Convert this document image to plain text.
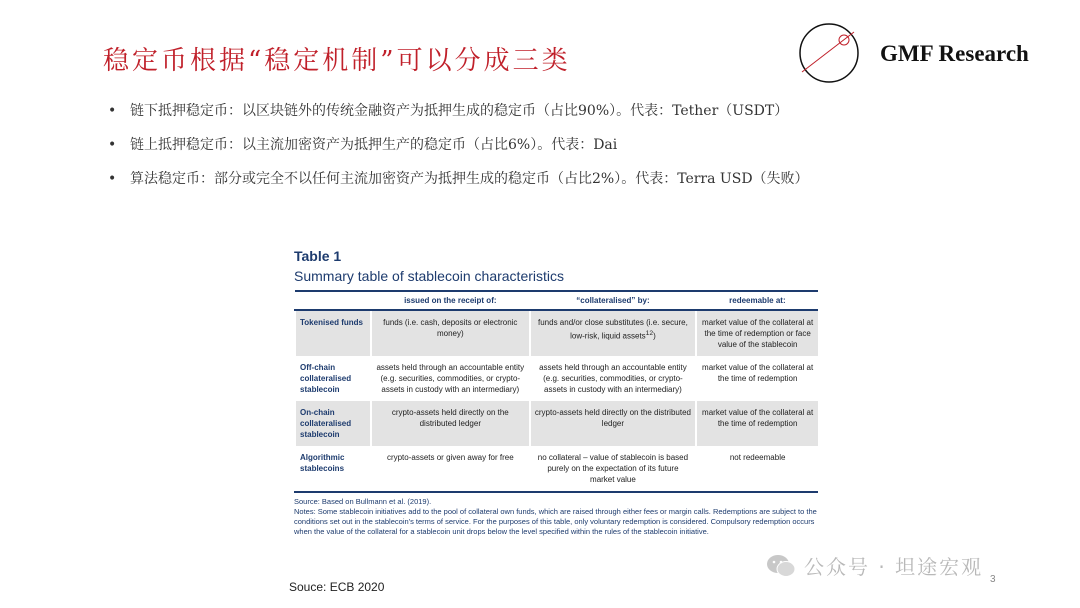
稳定币根据“稳定机制”可以分成三类	GMF Research
• 链下抵押稳定币：以区块链外的传统金融资产为抵押生成的稳定币（占比90%）。代表：Tether（USDT）
• 链上抵押稳定币：以主流加密资产为抵押生产的稳定币（占比6%）。代表：Dai
• 算法稳定币：部分或完全不以任何主流加密资产为抵押生成的稳定币（占比2%）。代表：Terra USD（失败）
Table 1
Summary table of stablecoin characteristics
	issued on the receipt of:	“collateralised” by:	redeemable at:
Tokenised funds	funds (i.e. cash, deposits or electronic money)	funds and/or close substitutes (i.e. secure, low-risk, liquid assets$^{12}$)	market value of the collateral at the time of redemption or face value of the stablecoin
Off-chain collateralised stablecoin	assets held through an accountable entity (e.g. securities, commodities, or crypto-assets in custody with an intermediary)	assets held through an accountable entity (e.g. securities, commodities, or crypto-assets in custody with an intermediary)	market value of the collateral at the time of redemption
On-chain collateralised stablecoin	crypto-assets held directly on the distributed ledger	crypto-assets held directly on the distributed ledger	market value of the collateral at the time of redemption
Algorithmic stablecoins	crypto-assets or given away for free	no collateral – value of stablecoin is based purely on the expectation of its future market value	not redeemable
Source: Based on Bullmann et al. (2019).
Notes: Some stablecoin initiatives add to the pool of collateral own funds, which are raised through either fees or margin calls. Redemptions are subject to the conditions set out in the stablecoin's terms of service. For the purposes of this table, only voluntary redemption is considered. Compulsory redemption occurs when the value of the collateral for a stablecoin unit drops below the level specified within the rules of the stablecoin initiative.
Souce: ECB 2020
3
公众号 · 坦途宏观
